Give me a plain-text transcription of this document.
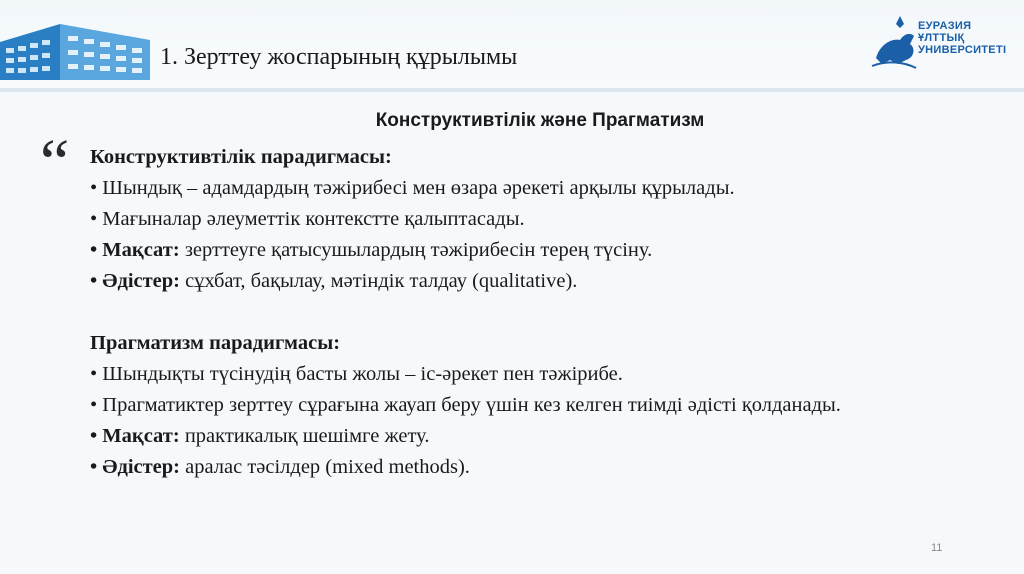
1. Зерттеу жоспарының құрылымы
ЕУРАЗИЯ
ҰЛТТЫҚ
УНИВЕРСИТЕТІ
Конструктивтілік және Прагматизм
“ Конструктивтілік парадигмасы:

• Шындық – адамдардың тәжірибесі мен өзара әрекеті арқылы құрылады.

• Мағыналар әлеуметтік контекстте қалыптасады.

• Мақсат: зерттеуге қатысушылардың тәжірибесін терең түсіну.

• Әдістер: сұхбат, бақылау, мәтіндік талдау (qualitative).

Прагматизм парадигмасы:

• Шындықты түсінудің басты жолы – іс-әрекет пен тәжірибе.

• Прагматиктер зерттеу сұрағына жауап беру үшін кез келген тиімді әдісті қолданады.

• Мақсат: практикалық шешімге жету.

• Әдістер: аралас тәсілдер (mixed methods).

11
